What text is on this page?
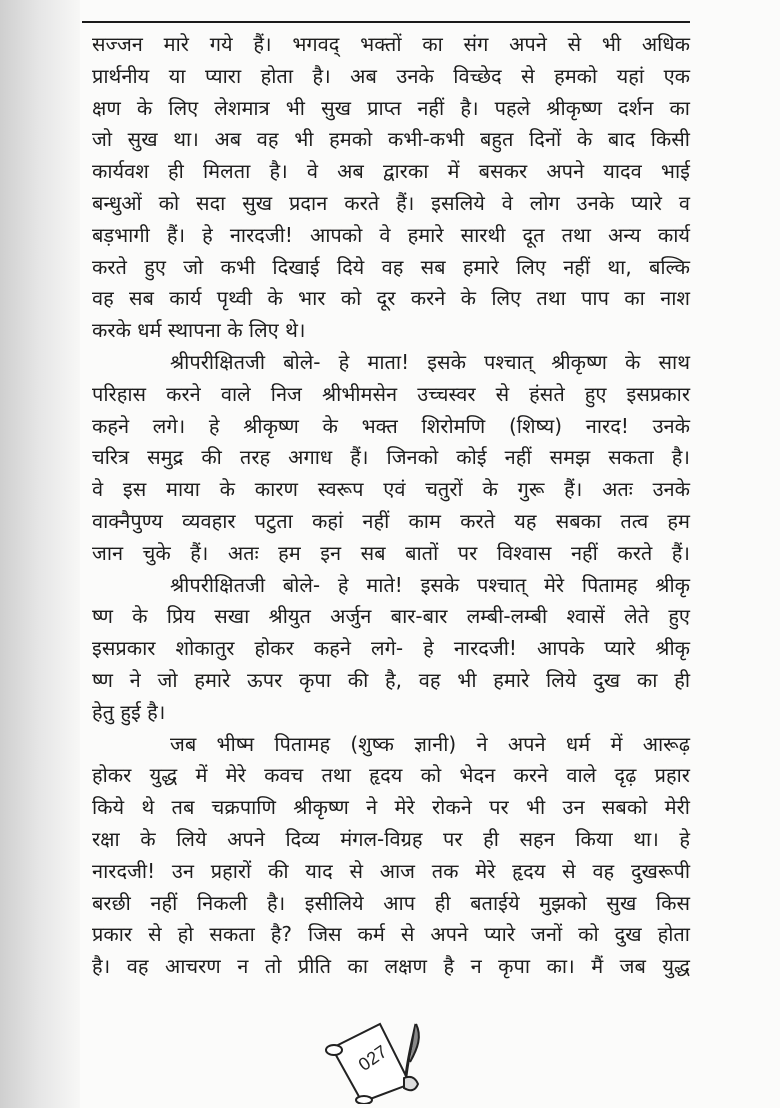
सज्जन मारे गये हैं। भगवद् भक्तों का संग अपने से भी अधिक
प्रार्थनीय या प्यारा होता है। अब उनके विच्छेद से हमको यहां एक
क्षण के लिए लेशमात्र भी सुख प्राप्त नहीं है। पहले श्रीकृष्ण दर्शन का
जो सुख था। अब वह भी हमको कभी-कभी बहुत दिनों के बाद किसी
कार्यवश ही मिलता है। वे अब द्वारका में बसकर अपने यादव भाई
बन्धुओं को सदा सुख प्रदान करते हैं। इसलिये वे लोग उनके प्यारे व
बड़भागी हैं। हे नारदजी! आपको वे हमारे सारथी दूत तथा अन्य कार्य
करते हुए जो कभी दिखाई दिये वह सब हमारे लिए नहीं था, बल्कि
वह सब कार्य पृथ्वी के भार को दूर करने के लिए तथा पाप का नाश
करके धर्म स्थापना के लिए थे।
श्रीपरीक्षितजी बोले- हे माता! इसके पश्चात् श्रीकृष्ण के साथ
परिहास करने वाले निज श्रीभीमसेन उच्चस्वर से हंसते हुए इसप्रकार
कहने लगे। हे श्रीकृष्ण के भक्त शिरोमणि (शिष्य) नारद! उनके
चरित्र समुद्र की तरह अगाध हैं। जिनको कोई नहीं समझ सकता है।
वे इस माया के कारण स्वरूप एवं चतुरों के गुरू हैं। अतः उनके
वाक्नैपुण्य व्यवहार पटुता कहां नहीं काम करते यह सबका तत्व हम
जान चुके हैं। अतः हम इन सब बातों पर विश्वास नहीं करते हैं।
श्रीपरीक्षितजी बोले- हे माते! इसके पश्चात् मेरे पितामह श्रीकृ
ष्ण के प्रिय सखा श्रीयुत अर्जुन बार-बार लम्बी-लम्बी श्वासें लेते हुए
इसप्रकार शोकातुर होकर कहने लगे- हे नारदजी! आपके प्यारे श्रीकृ
ष्ण ने जो हमारे ऊपर कृपा की है, वह भी हमारे लिये दुख का ही
हेतु हुई है।
जब भीष्म पितामह (शुष्क ज्ञानी) ने अपने धर्म में आरूढ़
होकर युद्ध में मेरे कवच तथा हृदय को भेदन करने वाले दृढ़ प्रहार
किये थे तब चक्रपाणि श्रीकृष्ण ने मेरे रोकने पर भी उन सबको मेरी
रक्षा के लिये अपने दिव्य मंगल-विग्रह पर ही सहन किया था। हे
नारदजी! उन प्रहारों की याद से आज तक मेरे हृदय से वह दुखरूपी
बरछी नहीं निकली है। इसीलिये आप ही बताईये मुझको सुख किस
प्रकार से हो सकता है? जिस कर्म से अपने प्यारे जनों को दुख होता
है। वह आचरण न तो प्रीति का लक्षण है न कृपा का। मैं जब युद्ध
027
